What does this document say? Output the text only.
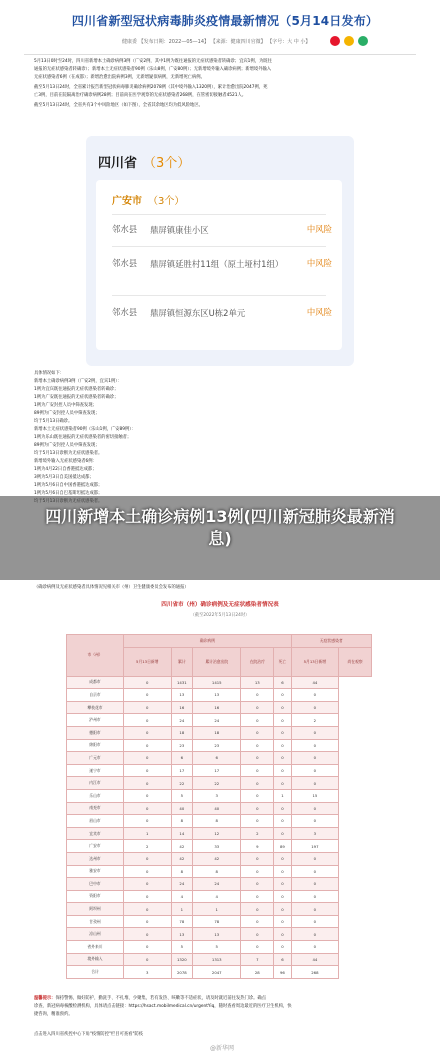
四川省新型冠状病毒肺炎疫情最新情况（5月14日发布）
健康委 【发布日期：2022—05—14】 【来源：健康四川官微】 【字号：大 中 小】
5月13日0时至24时，四川省新增本土确诊病例3例（广安2例，其中1例为既往通报的无症状感染者转确诊；宜宾1例，为既往
通报的无症状感染者转确诊）；新增本土无症状感染者90例（乐山8例，广安80例）；无新增境外输入确诊病例；新增境外输入
无症状感染者6例（在成都）；新增治愈出院病例3例，无新增疑似病例，无新增死亡病例。
截至5月13日24时，全省累计报告新型冠状病毒肺炎确诊病例2078例（其中境外输入1320例），累计治愈出院2047例，死
亡3例，目前在院隔离治疗确诊病例28例；目前尚在医学观察的无症状感染者268例，在管密切接触者4521人。
截至5月13日24时，全省共有3个中风险地区（如下图），全省其余地区均为低风险地区。
四川省 （3个）
广安市 （3个）
邻水县 鼎屏镇康佳小区	中风险
邻水县 鼎屏镇延胜村11组（原土垭村1组）	中风险
邻水县 鼎屏镇恒源东区U栋2单元	中风险
具体情况如下：
新增本土确诊病例3例（广安2例，宜宾1例）：
1例为宜宾既往通报的无症状感染者转确诊；
1例为广安既往通报的无症状感染者转确诊；
1例为广安封控人员中筛查发现；
89例为广安封控人员中筛查发现；
均于5月13日确诊。
新增本土无症状感染者90例（乐山1例，广安89例）：
1例为乐山既往通报的无症状感染者的密切接触者；
89例为广安封控人员中筛查发现；
均于5月13日诊断为无症状感染者。
新增境外输入无症状感染者6例：
1例为4月22日自香港抵达成都；
3例为5月3日自美国抵达成都；
1例为5月6日自中国香港抵达成都；
1例为5月6日自巴基斯坦抵达成都；
四川新增本土确诊病例13例(四川新冠肺炎最新消息)
（确诊病例及无症状感染者具体情况见相关市（州）卫生健康委员会发布的通报）
四川省市（州）确诊病例及无症状感染者情况表
（截至2022年5月13日24时）
市（州）	确诊病例					无症状感染者	
	5月13日新增	累计	累计治愈出院	在院治疗	死亡	5月13日新增	尚在观察
成都市	0	1431	1415	13	6	44	
自贡市	0	13	13	0	0	0	
攀枝花市	0	16	16	0	0	0	
泸州市	0	24	24	0	0	2	
德阳市	0	18	18	0	0	0	
绵阳市	0	23	23	0	0	0	
广元市	0	6	6	0	0	0	
遂宁市	0	17	17	0	0	0	
内江市	0	22	22	0	0	0	
乐山市	0	5	3	0	1	15	
南充市	0	40	40	0	0	0	
眉山市	0	8	8	0	0	0	
宜宾市	1	14	12	2	0	3	
广安市	2	42	33	9	89	197	
达州市	0	42	42	0	0	0	
雅安市	0	8	8	0	0	0	
巴中市	0	24	24	0	0	0	
资阳市	0	4	4	0	0	0	
阿坝州	0	1	1	0	0	0	
甘孜州	0	78	78	0	0	0	
凉山州	0	13	13	0	0	0	
省外来川	0	5	5	0	0	0	
境外输入	0	1320	1313	7	6	44	
合计	3	2078	2047	28	96	268	
温馨提示：保持警惕，做好防护，勤洗手、不扎堆、少聚集，若有发热、咳嗽等不适症状，请及时就近前往发热门诊。确点
诊查、新冠病毒核酸检测机构，具体请点击链接：https://hsact.mobilmedical.cn/urgentYiq，随时查看周边最近的医疗卫生机构，快
捷咨询，精准预约。
点击进入四川省疾控中心下角"疫情防控"栏目可查看"防疫
@新华网
